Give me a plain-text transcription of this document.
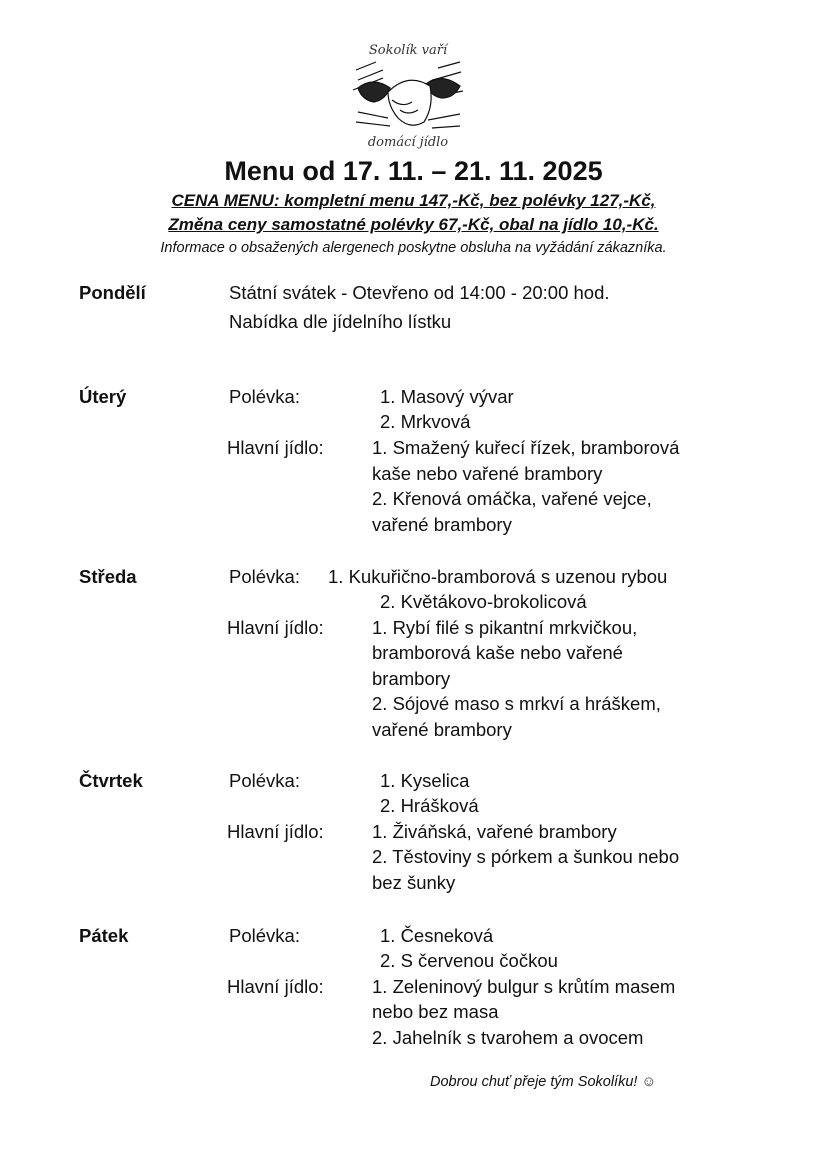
Sokolík vaří
domácí jídlo
Menu od 17. 11. – 21. 11. 2025
CENA MENU: kompletní menu 147,-Kč, bez polévky 127,-Kč,
Změna ceny samostatné polévky 67,-Kč, obal na jídlo 10,-Kč.
Informace o obsažených alergenech poskytne obsluha na vyžádání zákazníka.
Pondělí	Státní svátek - Otevřeno od 14:00 - 20:00 hod.
Nabídka dle jídelního lístku
Úterý	Polévka:	1. Masový vývar
2. Mrkvová
Hlavní jídlo:	1. Smažený kuřecí řízek, bramborová
kaše nebo vařené brambory
2. Křenová omáčka, vařené vejce,
vařené brambory
Středa	Polévka: 1. Kukuřično-bramborová s uzenou rybou
2. Květákovo-brokolicová
Hlavní jídlo:	1. Rybí filé s pikantní mrkvičkou,
bramborová kaše nebo vařené
brambory
2. Sójové maso s mrkví a hráškem,
vařené brambory
Čtvrtek	Polévka:	1. Kyselica
2. Hrášková
Hlavní jídlo:	1. Živáňská, vařené brambory
2. Těstoviny s pórkem a šunkou nebo
bez šunky
Pátek	Polévka:	1. Česneková
2. S červenou čočkou
Hlavní jídlo:	1. Zeleninový bulgur s krůtím masem
nebo bez masa
2. Jahelník s tvarohem a ovocem
Dobrou chuť přeje tým Sokolíku! ☺
